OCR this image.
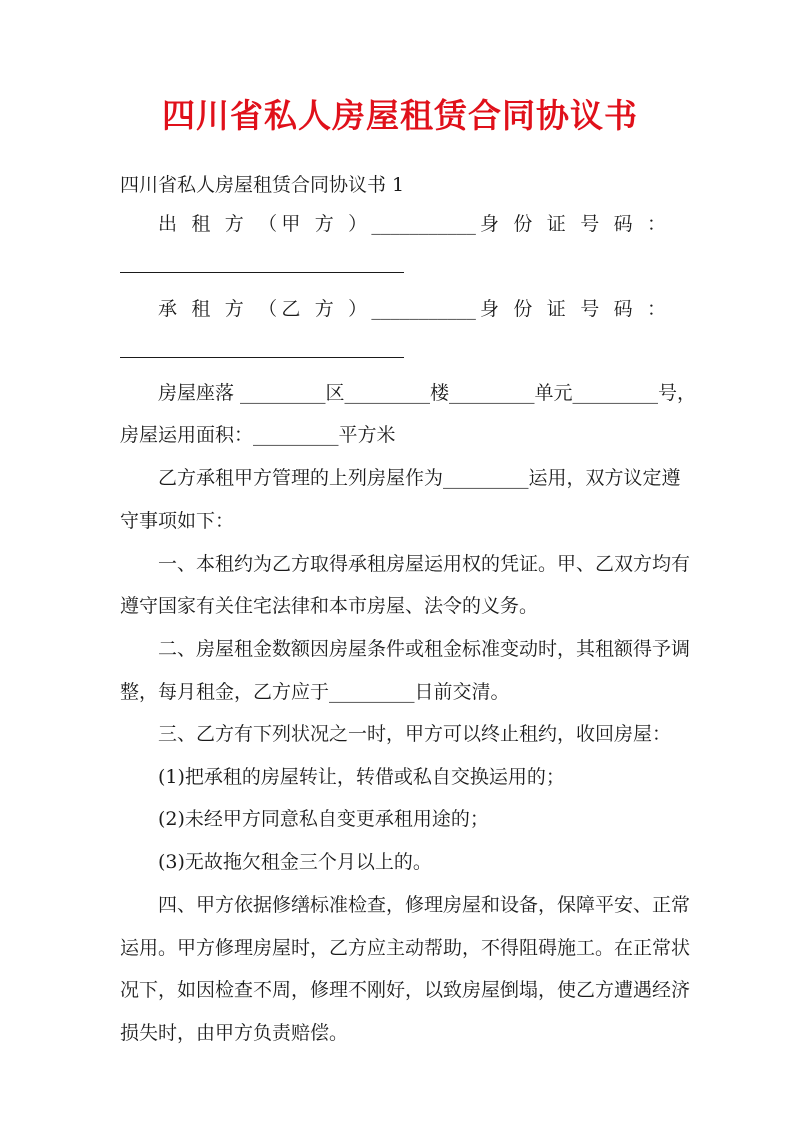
四川省私人房屋租赁合同协议书
四川省私人房屋租赁合同协议书 1
出 租 方 （甲 方 ）___________身 份 证 号 码 ：
承 租 方 （乙 方 ）___________身 份 证 号 码 ：
房屋座落 _________区_________楼_________单元_________号，
房屋运用面积：_________平方米
乙方承租甲方管理的上列房屋作为_________运用，双方议定遵
守事项如下：
一、本租约为乙方取得承租房屋运用权的凭证。甲、乙双方均有
遵守国家有关住宅法律和本市房屋、法令的义务。
二、房屋租金数额因房屋条件或租金标准变动时，其租额得予调
整，每月租金，乙方应于_________日前交清。
三、乙方有下列状况之一时，甲方可以终止租约，收回房屋：
(1)把承租的房屋转让，转借或私自交换运用的；
(2)未经甲方同意私自变更承租用途的；
(3)无故拖欠租金三个月以上的。
四、甲方依据修缮标准检查，修理房屋和设备，保障平安、正常
运用。甲方修理房屋时，乙方应主动帮助，不得阻碍施工。在正常状
况下，如因检查不周，修理不刚好，以致房屋倒塌，使乙方遭遇经济
损失时，由甲方负责赔偿。
